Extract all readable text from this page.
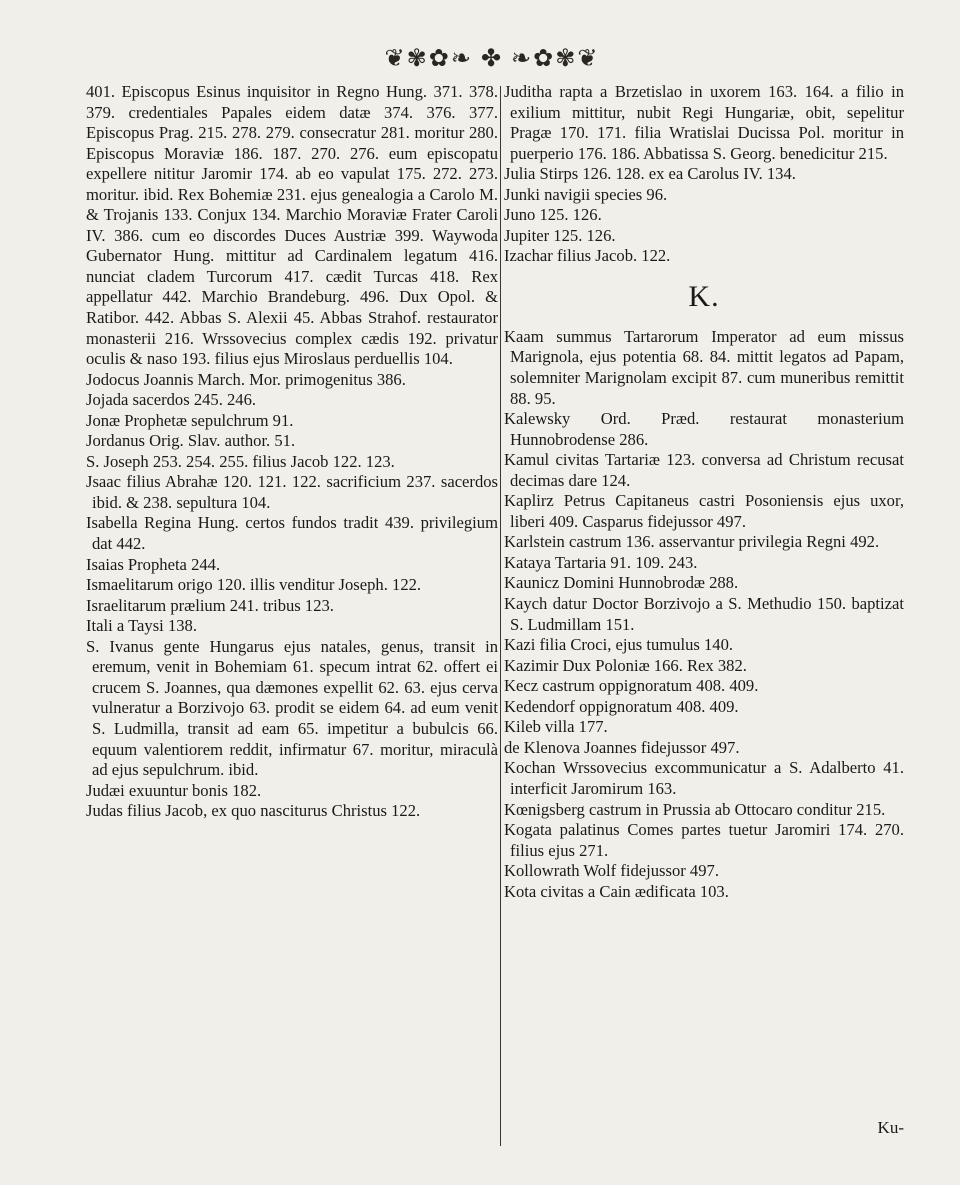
❦✾✿❧ ✤ ❧✿✾❦

401. Episcopus Esinus inquisitor in Regno Hung. 371. 378. 379. credentiales Papales eidem datæ 374. 376. 377. Episcopus Prag. 215. 278. 279. consecratur 281. moritur 280. Episcopus Moraviæ 186. 187. 270. 276. eum episcopatu expellere nititur Jaromir 174. ab eo vapulat 175. 272. 273. moritur. ibid. Rex Bohemiæ 231. ejus genealogia a Carolo M. & Trojanis 133. Conjux 134. Marchio Moraviæ Frater Caroli IV. 386. cum eo discordes Duces Austriæ 399. Waywoda Gubernator Hung. mittitur ad Cardinalem legatum 416. nunciat cladem Turcorum 417. cædit Turcas 418. Rex appellatur 442. Marchio Brandeburg. 496. Dux Opol. & Ratibor. 442. Abbas S. Alexii 45. Abbas Strahof. restaurator monasterii 216. Wrssovecius complex cædis 192. privatur oculis & naso 193. filius ejus Miroslaus perduellis 104.

Jodocus Joannis March. Mor. primogenitus 386.

Jojada sacerdos 245. 246.

Jonæ Prophetæ sepulchrum 91.

Jordanus Orig. Slav. author. 51.

S. Joseph 253. 254. 255. filius Jacob 122. 123.

Jsaac filius Abrahæ 120. 121. 122. sacrificium 237. sacerdos ibid. & 238. sepultura 104.

Isabella Regina Hung. certos fundos tradit 439. privilegium dat 442.

Isaias Propheta 244.

Ismaelitarum origo 120. illis venditur Joseph. 122.

Israelitarum prælium 241. tribus 123.

Itali a Taysi 138.

S. Ivanus gente Hungarus ejus natales, genus, transit in eremum, venit in Bohemiam 61. specum intrat 62. offert ei crucem S. Joannes, qua dæmones expellit 62. 63. ejus cerva vulneratur a Borzivojo 63. prodit se eidem 64. ad eum venit S. Ludmilla, transit ad eam 65. impetitur a bubulcis 66. equum valentiorem reddit, infirmatur 67. moritur, miraculà ad ejus sepulchrum. ibid.

Judæi exuuntur bonis 182.

Judas filius Jacob, ex quo nasciturus Christus 122.

Juditha rapta a Brzetislao in uxorem 163. 164. a filio in exilium mittitur, nubit Regi Hungariæ, obit, sepelitur Pragæ 170. 171. filia Wratislai Ducissa Pol. moritur in puerperio 176. 186. Abbatissa S. Georg. benedicitur 215.

Julia Stirps 126. 128. ex ea Carolus IV. 134.

Junki navigii species 96.

Juno 125. 126.

Jupiter 125. 126.

Izachar filius Jacob. 122.

K.

Kaam summus Tartarorum Imperator ad eum missus Marignola, ejus potentia 68. 84. mittit legatos ad Papam, solemniter Marignolam excipit 87. cum muneribus remittit 88. 95.

Kalewsky Ord. Præd. restaurat monasterium Hunnobrodense 286.

Kamul civitas Tartariæ 123. conversa ad Christum recusat decimas dare 124.

Kaplirz Petrus Capitaneus castri Posoniensis ejus uxor, liberi 409. Casparus fidejussor 497.

Karlstein castrum 136. asservantur privilegia Regni 492.

Kataya Tartaria 91. 109. 243.

Kaunicz Domini Hunnobrodæ 288.

Kaych datur Doctor Borzivojo a S. Methudio 150. baptizat S. Ludmillam 151.

Kazi filia Croci, ejus tumulus 140.

Kazimir Dux Poloniæ 166. Rex 382.

Kecz castrum oppignoratum 408. 409.

Kedendorf oppignoratum 408. 409.

Kileb villa 177.

de Klenova Joannes fidejussor 497.

Kochan Wrssovecius excommunicatur a S. Adalberto 41. interficit Jaromirum 163.

Kœnigsberg castrum in Prussia ab Ottocaro conditur 215.

Kogata palatinus Comes partes tuetur Jaromiri 174. 270. filius ejus 271.

Kollowrath Wolf fidejussor 497.

Kota civitas a Cain ædificata 103.

Ku-
